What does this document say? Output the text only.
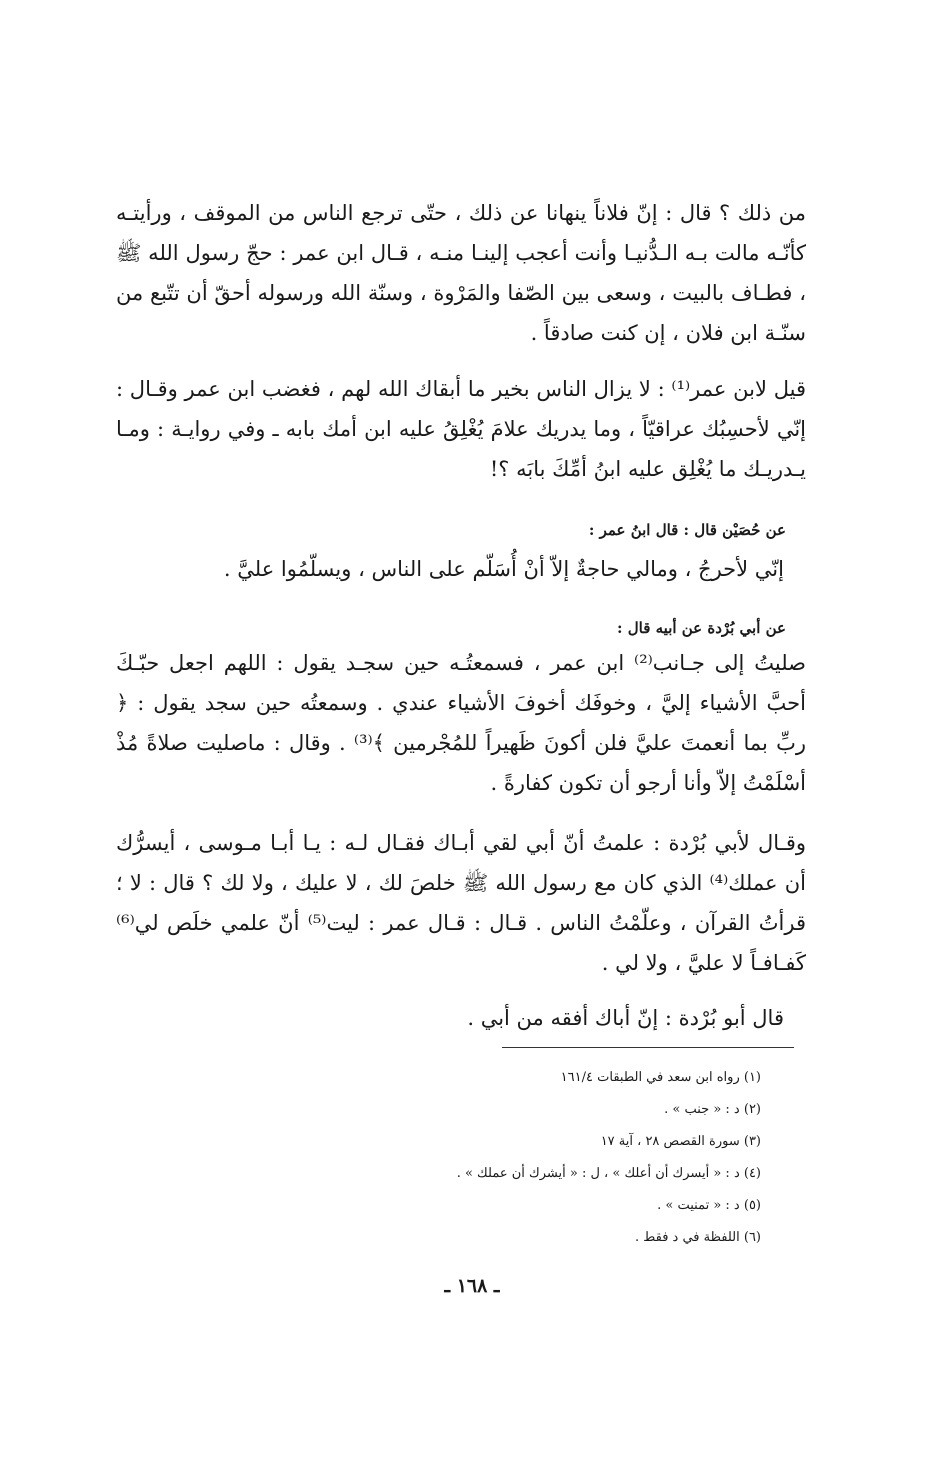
من ذلك ؟ قال : إنّ فلاناً ينهانا عن ذلك ، حتّى ترجع الناس من الموقف ، ورأيتـه كأنّـه مالت بـه الـدُّنيـا وأنت أعجب إلينـا منـه ، قـال ابن عمر : حجّ رسول الله ﷺ ، فطـاف بالبيت ، وسعى بين الصّفا والمَرْوة ، وسنّة الله ورسوله أحقّ أن تتّبع من سنّـة ابن فلان ، إن كنت صادقاً .

قيل لابن عمر⁽¹⁾ : لا يزال الناس بخير ما أبقاك الله لهم ، فغضب ابن عمر وقـال : إنّي لأحسِبُك عراقيّاً ، وما يدريك علامَ يُغْلِقُ عليه ابن أمك بابه ـ وفي روايـة : ومـا يـدريـك ما يُغْلِق عليه ابنُ أمِّكَ بابَه ؟!

عن حُصَيْن قال : قال ابنُ عمر :
إنّي لأحرجُ ، ومالي حاجةٌ إلاّ أنْ أُسَلّم على الناس ، ويسلّمُوا عليَّ .
عن أبي بُرْدة عن أبيه قال :

صليتُ إلى جـانب⁽²⁾ ابن عمر ، فسمعتُـه حين سجـد يقول : اللهم اجعل حبّـكَ أحبَّ الأشياء إليَّ ، وخوفَك أخوفَ الأشياء عندي . وسمعتُه حين سجد يقول : ﴿ ربِّ بما أنعمتَ عليَّ فلن أكونَ ظَهيراً للمُجْرمين ﴾⁽³⁾ . وقال : ماصليت صلاةً مُذْ أسْلَمْتُ إلاّ وأنا أرجو أن تكون كفارةً .

وقـال لأبي بُرْدة : علمتُ أنّ أبي لقي أبـاك فقـال لـه : يـا أبـا مـوسى ، أيسرُّك أن عملك⁽⁴⁾ الذي كان مع رسول الله ﷺ خلصَ لك ، لا عليك ، ولا لك ؟ قال : لا ؛ قرأتُ القرآن ، وعلّمْتُ الناس . قـال : قـال عمر : ليت⁽⁵⁾ أنّ علمي خلَص لي⁽⁶⁾ كَفـافـاً لا عليَّ ، ولا لي .

قال أبو بُرْدة : إنّ أباك أفقه من أبي .

(١) رواه ابن سعد في الطبقات ١٦١/٤
(٢) د : « جنب » .
(٣) سورة القصص ٢٨ ، آية ١٧
(٤) د : « أيسرك أن أعلك » ، ل : « أيشرك أن عملك » .
(٥) د : « تمنيت » .
(٦) اللفظة في د فقط .
ـ ١٦٨ ـ
